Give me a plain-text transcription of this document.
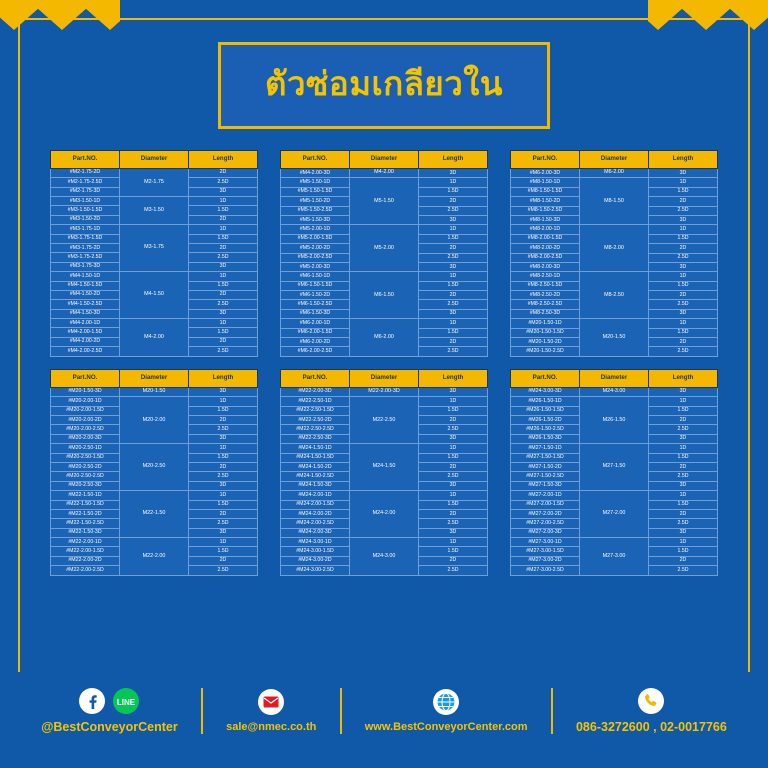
ตัวซ่อมเกลียวใน
Part.NO.	Diameter	Length
#M2-1.75-2D	M2-1.75	2D
#M2-1.75-2.5D		2.5D
#M2-1.75-3D		3D
#M3-1.50-1D	M3-1.50	1D
#M3-1.50-1.5D		1.5D
#M3-1.50-2D		2D
#M3-1.75-1D	M3-1.75	1D
#M3-1.75-1.5D		1.5D
#M3-1.75-2D		2D
#M3-1.75-2.5D		2.5D
#M3-1.75-3D		3D
#M4-1.50-1D	M4-1.50	1D
#M4-1.50-1.5D		1.5D
#M4-1.50-2D		2D
#M4-1.50-2.5D		2.5D
#M4-1.50-3D		3D
#M4-2.00-1D	M4-2.00	1D
#M4-2.00-1.5D		1.5D
#M4-2.00-2D		2D
#M4-2.00-2.5D		2.5D
Part.NO.	Diameter	Length
#M4-2.00-3D	M4-2.00	3D
#M5-1.50-1D	M5-1.50	1D
#M5-1.50-1.5D		1.5D
#M5-1.50-2D		2D
#M5-1.50-2.5D		2.5D
#M5-1.50-3D		3D
#M5-2.00-1D	M5-2.00	1D
#M5-2.00-1.5D		1.5D
#M5-2.00-2D		2D
#M5-2.00-2.5D		2.5D
#M5-2.00-3D		3D
#M6-1.50-1D	M6-1.50	1D
#M6-1.50-1.5D		1.5D
#M6-1.50-2D		2D
#M6-1.50-2.5D		2.5D
#M6-1.50-3D		3D
#M6-2.00-1D	M6-2.00	1D
#M6-2.00-1.5D		1.5D
#M6-2.00-2D		2D
#M6-2.00-2.5D		2.5D
Part.NO.	Diameter	Length
#M6-2.00-3D	M6-2.00	3D
#M8-1.50-1D	M8-1.50	1D
#M8-1.50-1.5D		1.5D
#M8-1.50-2D		2D
#M8-1.50-2.5D		2.5D
#M8-1.50-3D		3D
#M8-2.00-1D	M8-2.00	1D
#M8-2.00-1.5D		1.5D
#M8-2.00-2D		2D
#M8-2.00-2.5D		2.5D
#M8-2.00-3D		3D
#M8-2.50-1D	M8-2.50	1D
#M8-2.50-1.5D		1.5D
#M8-2.50-2D		2D
#M8-2.50-2.5D		2.5D
#M8-2.50-3D		3D
#M20-1.50-1D	M20-1.50	1D
#M20-1.50-1.5D		1.5D
#M20-1.50-2D		2D
#M20-1.50-2.5D		2.5D
Part.NO.	Diameter	Length
#M20-1.50-3D	M20-1.50	3D
#M20-2.00-1D	M20-2.00	1D
#M20-2.00-1.5D		1.5D
#M20-2.00-2D		2D
#M20-2.00-2.5D		2.5D
#M20-2.00-3D		3D
#M20-2.50-1D	M20-2.50	1D
#M20-2.50-1.5D		1.5D
#M20-2.50-2D		2D
#M20-2.50-2.5D		2.5D
#M20-2.50-3D		3D
#M22-1.50-1D	M22-1.50	1D
#M22-1.50-1.5D		1.5D
#M22-1.50-2D		2D
#M22-1.50-2.5D		2.5D
#M22-1.50-3D		3D
#M22-2.00-1D	M22-2.00	1D
#M22-2.00-1.5D		1.5D
#M22-2.00-2D		2D
#M22-2.00-2.5D		2.5D
Part.NO.	Diameter	Length
#M22-2.00-3D	M22-2.00-3D	3D
#M22-2.50-1D	M22-2.50	1D
#M22-2.50-1.5D		1.5D
#M22-2.50-2D		2D
#M22-2.50-2.5D		2.5D
#M22-2.50-3D		3D
#M24-1.50-1D	M24-1.50	1D
#M24-1.50-1.5D		1.5D
#M24-1.50-2D		2D
#M24-1.50-2.5D		2.5D
#M24-1.50-3D		3D
#M24-2.00-1D	M24-2.00	1D
#M24-2.00-1.5D		1.5D
#M24-2.00-2D		2D
#M24-2.00-2.5D		2.5D
#M24-2.00-3D		3D
#M24-3.00-1D	M24-3.00	1D
#M24-3.00-1.5D		1.5D
#M24-3.00-2D		2D
#M24-3.00-2.5D		2.5D
Part.NO.	Diameter	Length
#M24-3.00-3D	M24-3.00	3D
#M26-1.50-1D	M26-1.50	1D
#M26-1.50-1.5D		1.5D
#M26-1.50-2D		2D
#M26-1.50-2.5D		2.5D
#M26-1.50-3D		3D
#M27-1.50-1D	M27-1.50	1D
#M27-1.50-1.5D		1.5D
#M27-1.50-2D		2D
#M27-1.50-2.5D		2.5D
#M27-1.50-3D		3D
#M27-2.00-1D	M27-2.00	1D
#M27-2.00-1.5D		1.5D
#M27-2.00-2D		2D
#M27-2.00-2.5D		2.5D
#M27-2.00-3D		3D
#M27-3.00-1D	M27-3.00	1D
#M27-3.00-1.5D		1.5D
#M27-3.00-2D		2D
#M27-3.00-2.5D		2.5D
LINE
@BestConveyorCenter	sale@nmec.co.th	www.BestConveyorCenter.com	086-3272600 , 02-0017766
